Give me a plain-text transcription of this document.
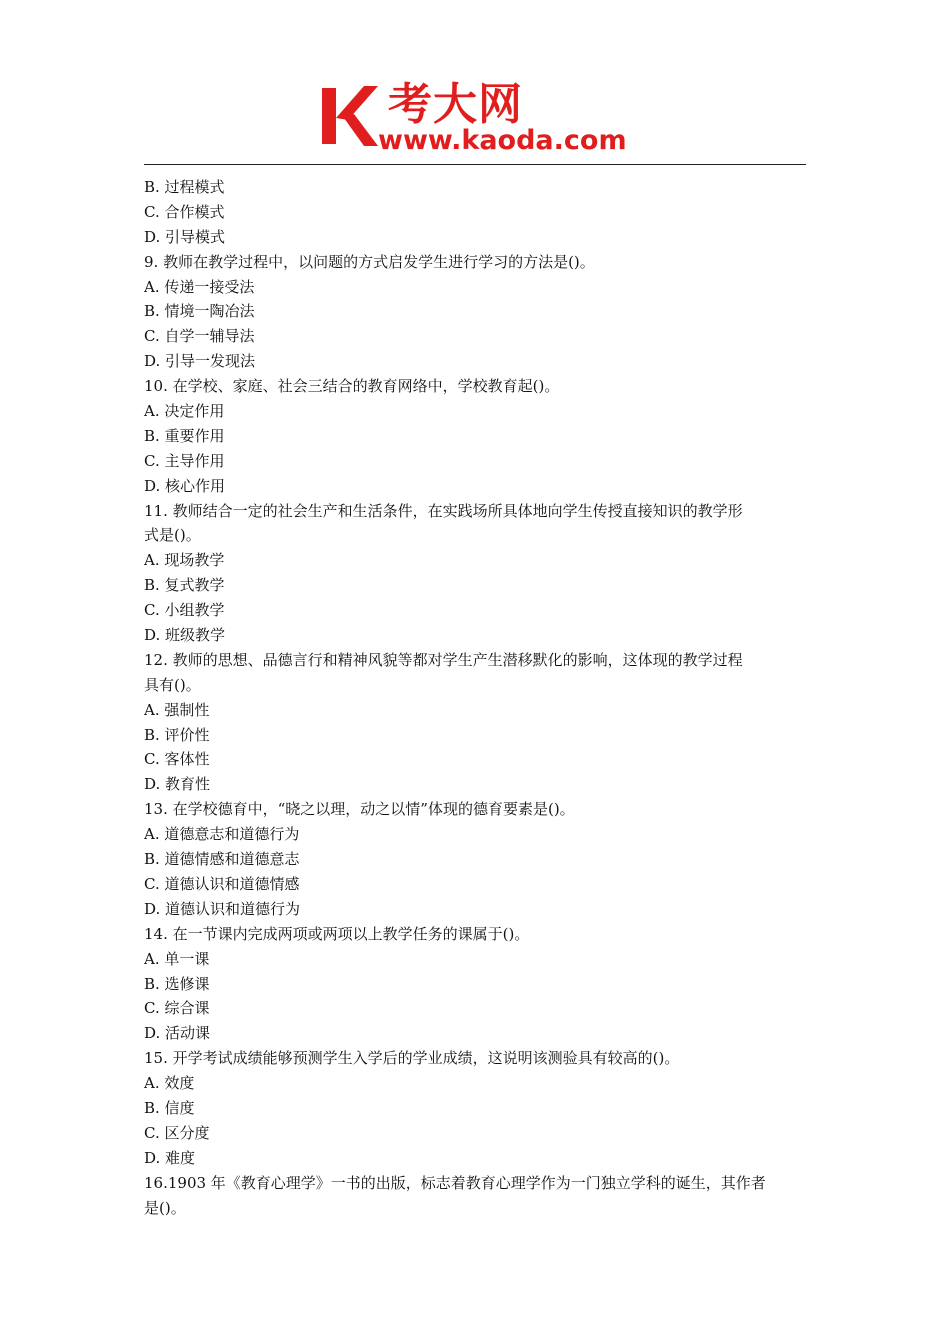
考大网
www.kaoda.com
B. 过程模式
C. 合作模式
D. 引导模式
9. 教师在教学过程中，以问题的方式启发学生进行学习的方法是()。
A. 传递一接受法
B. 情境一陶冶法
C. 自学一辅导法
D. 引导一发现法
10. 在学校、家庭、社会三结合的教育网络中，学校教育起()。
A. 决定作用
B. 重要作用
C. 主导作用
D. 核心作用
11. 教师结合一定的社会生产和生活条件，在实践场所具体地向学生传授直接知识的教学形
式是()。
A. 现场教学
B. 复式教学
C. 小组教学
D. 班级教学
12. 教师的思想、品德言行和精神风貌等都对学生产生潜移默化的影响，这体现的教学过程
具有()。
A. 强制性
B. 评价性
C. 客体性
D. 教育性
13. 在学校德育中，“晓之以理，动之以情”体现的德育要素是()。
A. 道德意志和道德行为
B. 道德情感和道德意志
C. 道德认识和道德情感
D. 道德认识和道德行为
14. 在一节课内完成两项或两项以上教学任务的课属于()。
A. 单一课
B. 选修课
C. 综合课
D. 活动课
15. 开学考试成绩能够预测学生入学后的学业成绩，这说明该测验具有较高的()。
A. 效度
B. 信度
C. 区分度
D. 难度
16.1903 年《教育心理学》一书的出版，标志着教育心理学作为一门独立学科的诞生，其作者
是()。
